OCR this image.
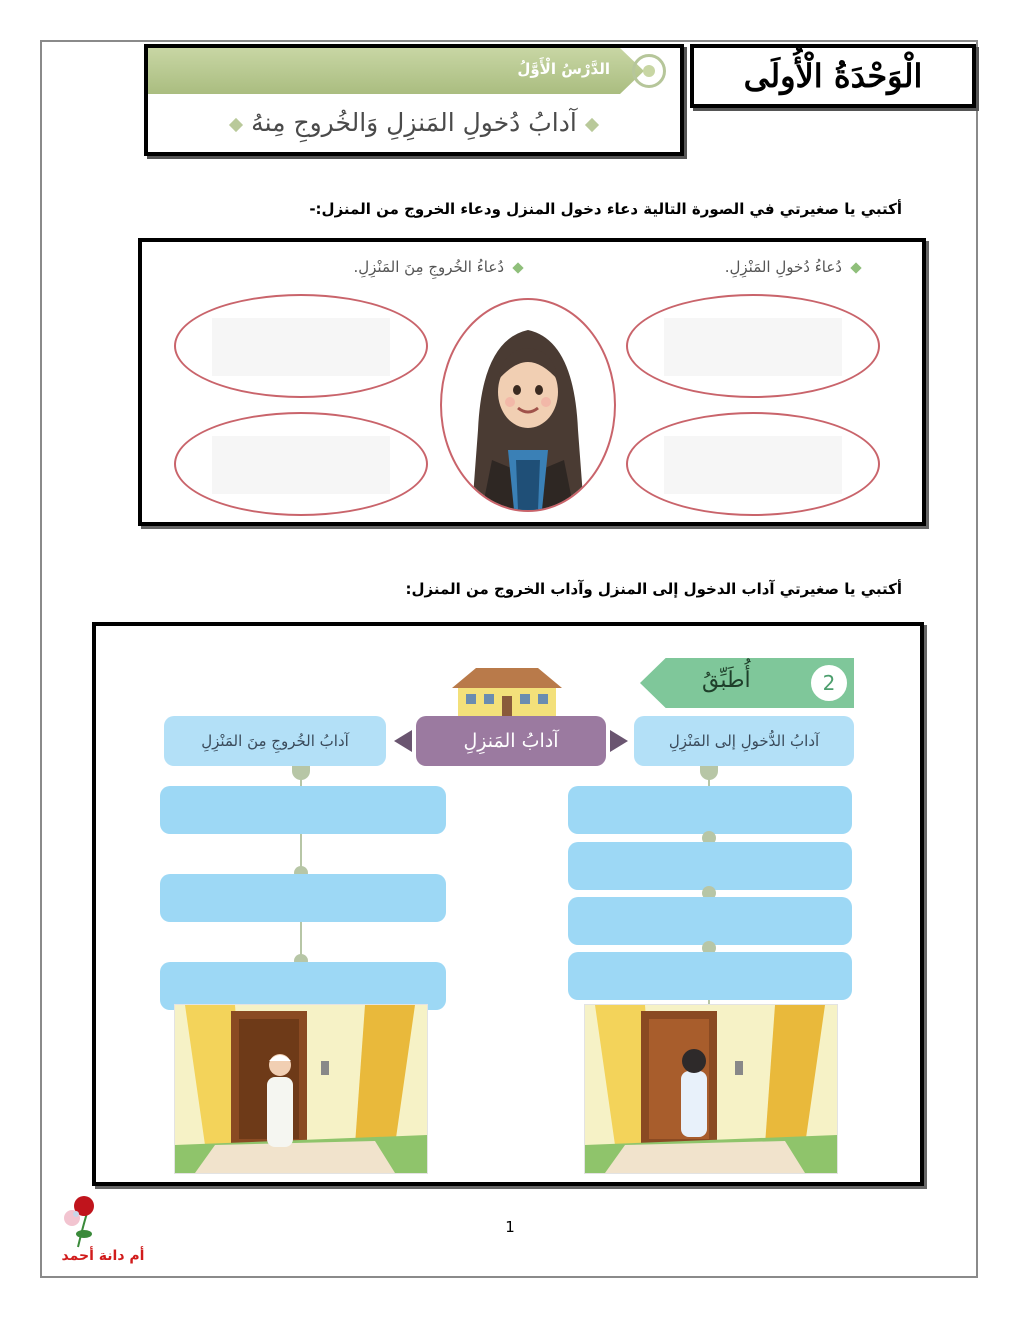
الْوَحْدَةُ الْأُولَى
الدَّرْسُ الْأَوَّلُ
آدابُ دُخولِ المَنزِلِ وَالخُروجِ مِنهُ
أكتبي يا صغيرتي في الصورة التالية دعاء دخول المنزل ودعاء الخروج من المنزل:-
دُعاءُ دُخولِ المَنْزِلِ.
دُعاءُ الخُروجِ مِنَ المَنْزِلِ.
أكتبي يا صغيرتي آداب الدخول إلى المنزل وآداب الخروج من المنزل:
أُطَبِّقُ	2
آدابُ الدُّخولِ إلى المَنْزِلِ
آدابُ الخُروجِ مِنَ المَنْزِلِ	آدابُ المَنزِلِ
1
أم دانة أحمد
